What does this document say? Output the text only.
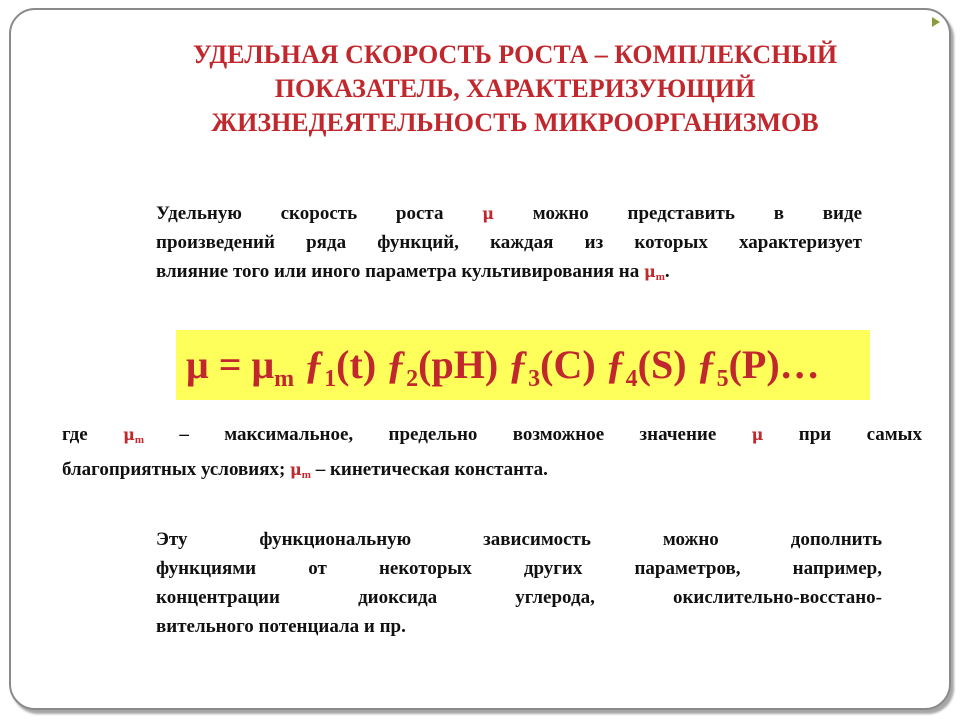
УДЕЛЬНАЯ СКОРОСТЬ РОСТА – КОМПЛЕКСНЫЙ
ПОКАЗАТЕЛЬ, ХАРАКТЕРИЗУЮЩИЙ
ЖИЗНЕДЕЯТЕЛЬНОСТЬ МИКРООРГАНИЗМОВ
Удельную скорость роста μ можно представить в виде
произведений ряда функций, каждая из которых характеризует
влияние того или иного параметра культивирования на $\mu_m$.
$\mu = \mu_m$ $ƒ_1(t)$ $ƒ_2(pH)$ $ƒ_3(C)$ $ƒ_4(S)$ $ƒ_5(P)\dots$
где $\mu_m$ – максимальное, предельно возможное значение μ при самых
благоприятных условиях; $\mu_m$ – кинетическая константа.
Эту функциональную зависимость можно дополнить
функциями от некоторых других параметров, например,
концентрации диоксида углерода, окислительно-восстано-
вительного потенциала и пр.
